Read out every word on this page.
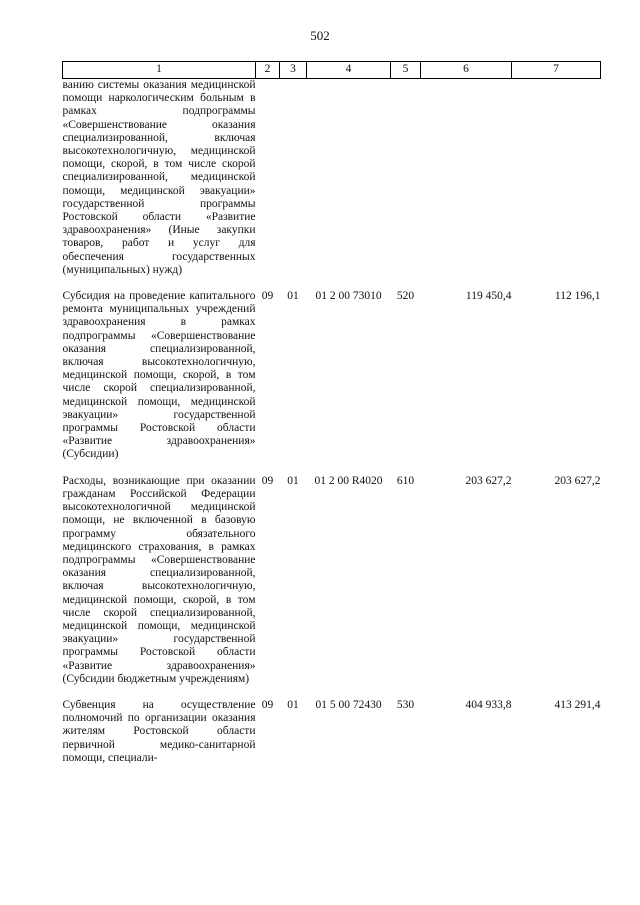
502
1	2	3	4	5	6	7
ванию системы оказания медицинской помощи наркологическим больным в рамках подпрограммы «Совершенствование оказания специализированной, включая высокотехнологичную, медицинской помощи, скорой, в том числе скорой специализированной, медицинской помощи, медицинской эвакуации» государственной программы Ростовской области «Развитие здравоохранения» (Иные закупки товаров, работ и услуг для обеспечения государственных (муниципальных) нужд)						

Субсидия на проведение капитального ремонта муниципальных учреждений здравоохранения в рамках подпрограммы «Совершенствование оказания специализированной, включая высокотехнологичную, медицинской помощи, скорой, в том числе скорой специализированной, медицинской помощи, медицинской эвакуации» государственной программы Ростовской области «Развитие здравоохранения» (Субсидии)	09	01	01 2 00 73010	520	119 450,4	112 196,1

Расходы, возникающие при оказании гражданам Российской Федерации высокотехнологичной медицинской помощи, не включенной в базовую программу обязательного медицинского страхования, в рамках подпрограммы «Совершенствование оказания специализированной, включая высокотехнологичную, медицинской помощи, скорой, в том числе скорой специализированной, медицинской помощи, медицинской эвакуации» государственной программы Ростовской области «Развитие здравоохранения» (Субсидии бюджетным учреждениям)	09	01	01 2 00 R4020	610	203 627,2	203 627,2

Субвенция на осуществление полномочий по организации оказания жителям Ростовской области первичной медико-санитарной помощи, специали-	09	01	01 5 00 72430	530	404 933,8	413 291,4
